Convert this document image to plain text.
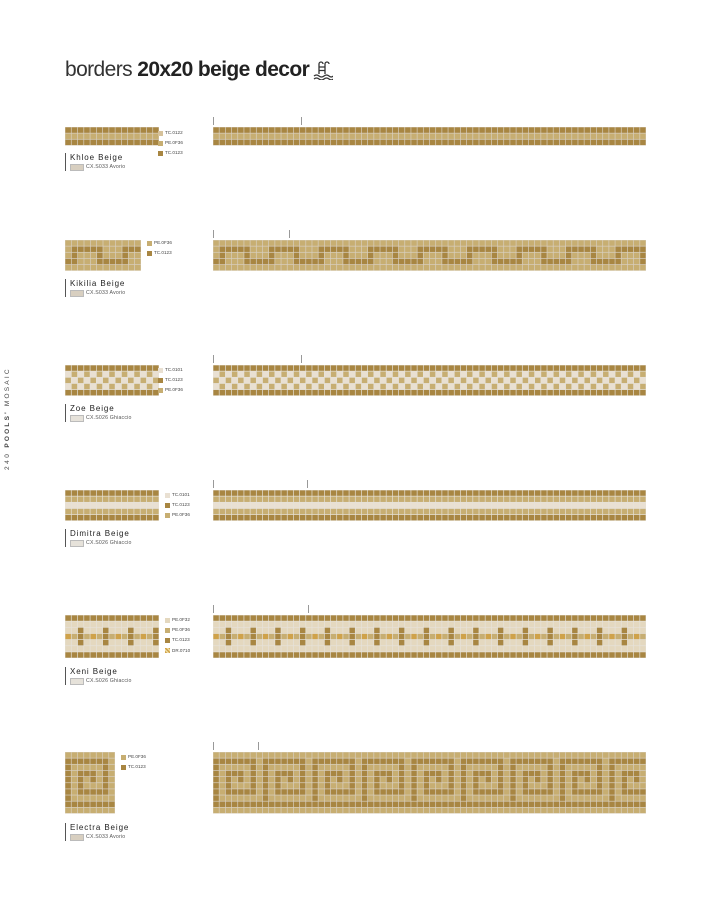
borders 20x20 beige decor
240 POOLS' MOSAIC
TC.0122
PE.0F36
TC.0123
Khloe Beige
CX.S033 Avorio
PE.0F36
TC.0123
Kikilia Beige
CX.S033 Avorio
TC.0101
TC.0123
PE.0F36
Zoe Beige
CX.S026 Ghiaccio
TC.0101
TC.0123
PE.0F36
Dimitra Beige
CX.S026 Ghiaccio
PE.0F32
PE.0F36
TC.0123
DR.0710
Xeni Beige
CX.S026 Ghiaccio
PE.0F36
TC.0123
Electra Beige
CX.S033 Avorio
